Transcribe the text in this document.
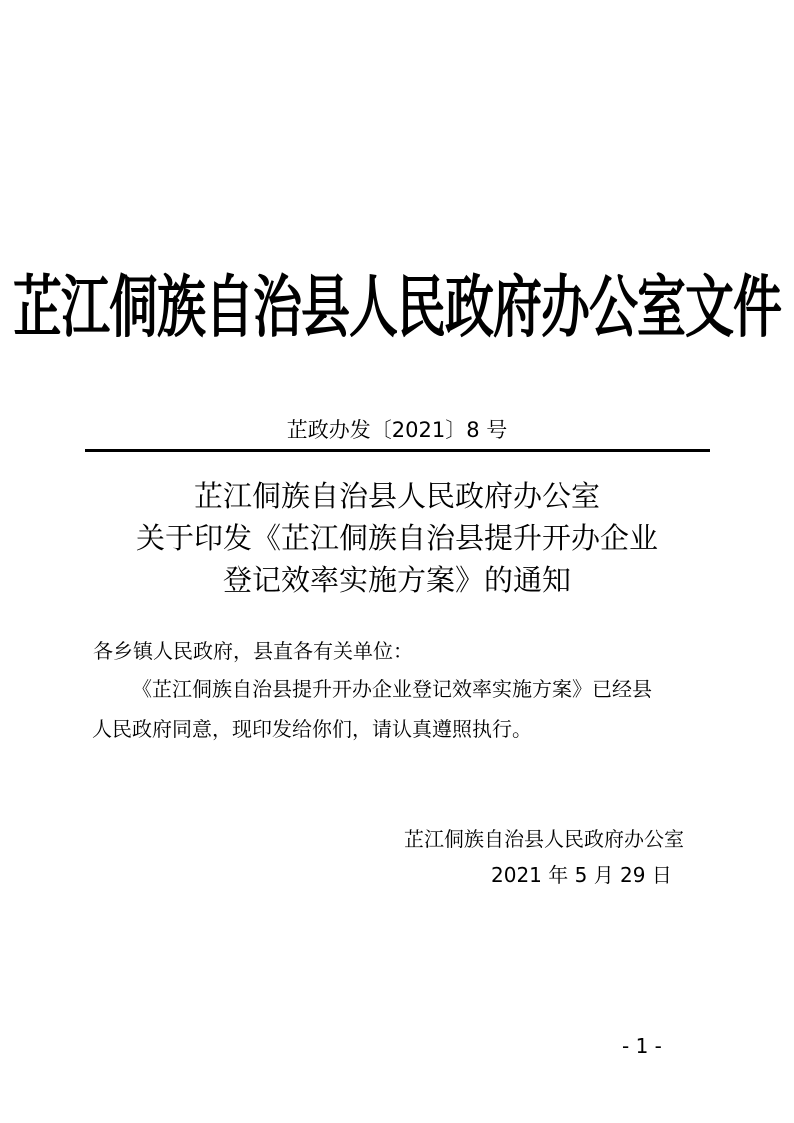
芷江侗族自治县人民政府办公室文件
芷政办发〔2021〕8 号
芷江侗族自治县人民政府办公室
关于印发《芷江侗族自治县提升开办企业
登记效率实施方案》的通知
各乡镇人民政府，县直各有关单位：
《芷江侗族自治县提升开办企业登记效率实施方案》已经县
人民政府同意，现印发给你们，请认真遵照执行。
芷江侗族自治县人民政府办公室
2021 年 5 月 29 日
- 1 -
